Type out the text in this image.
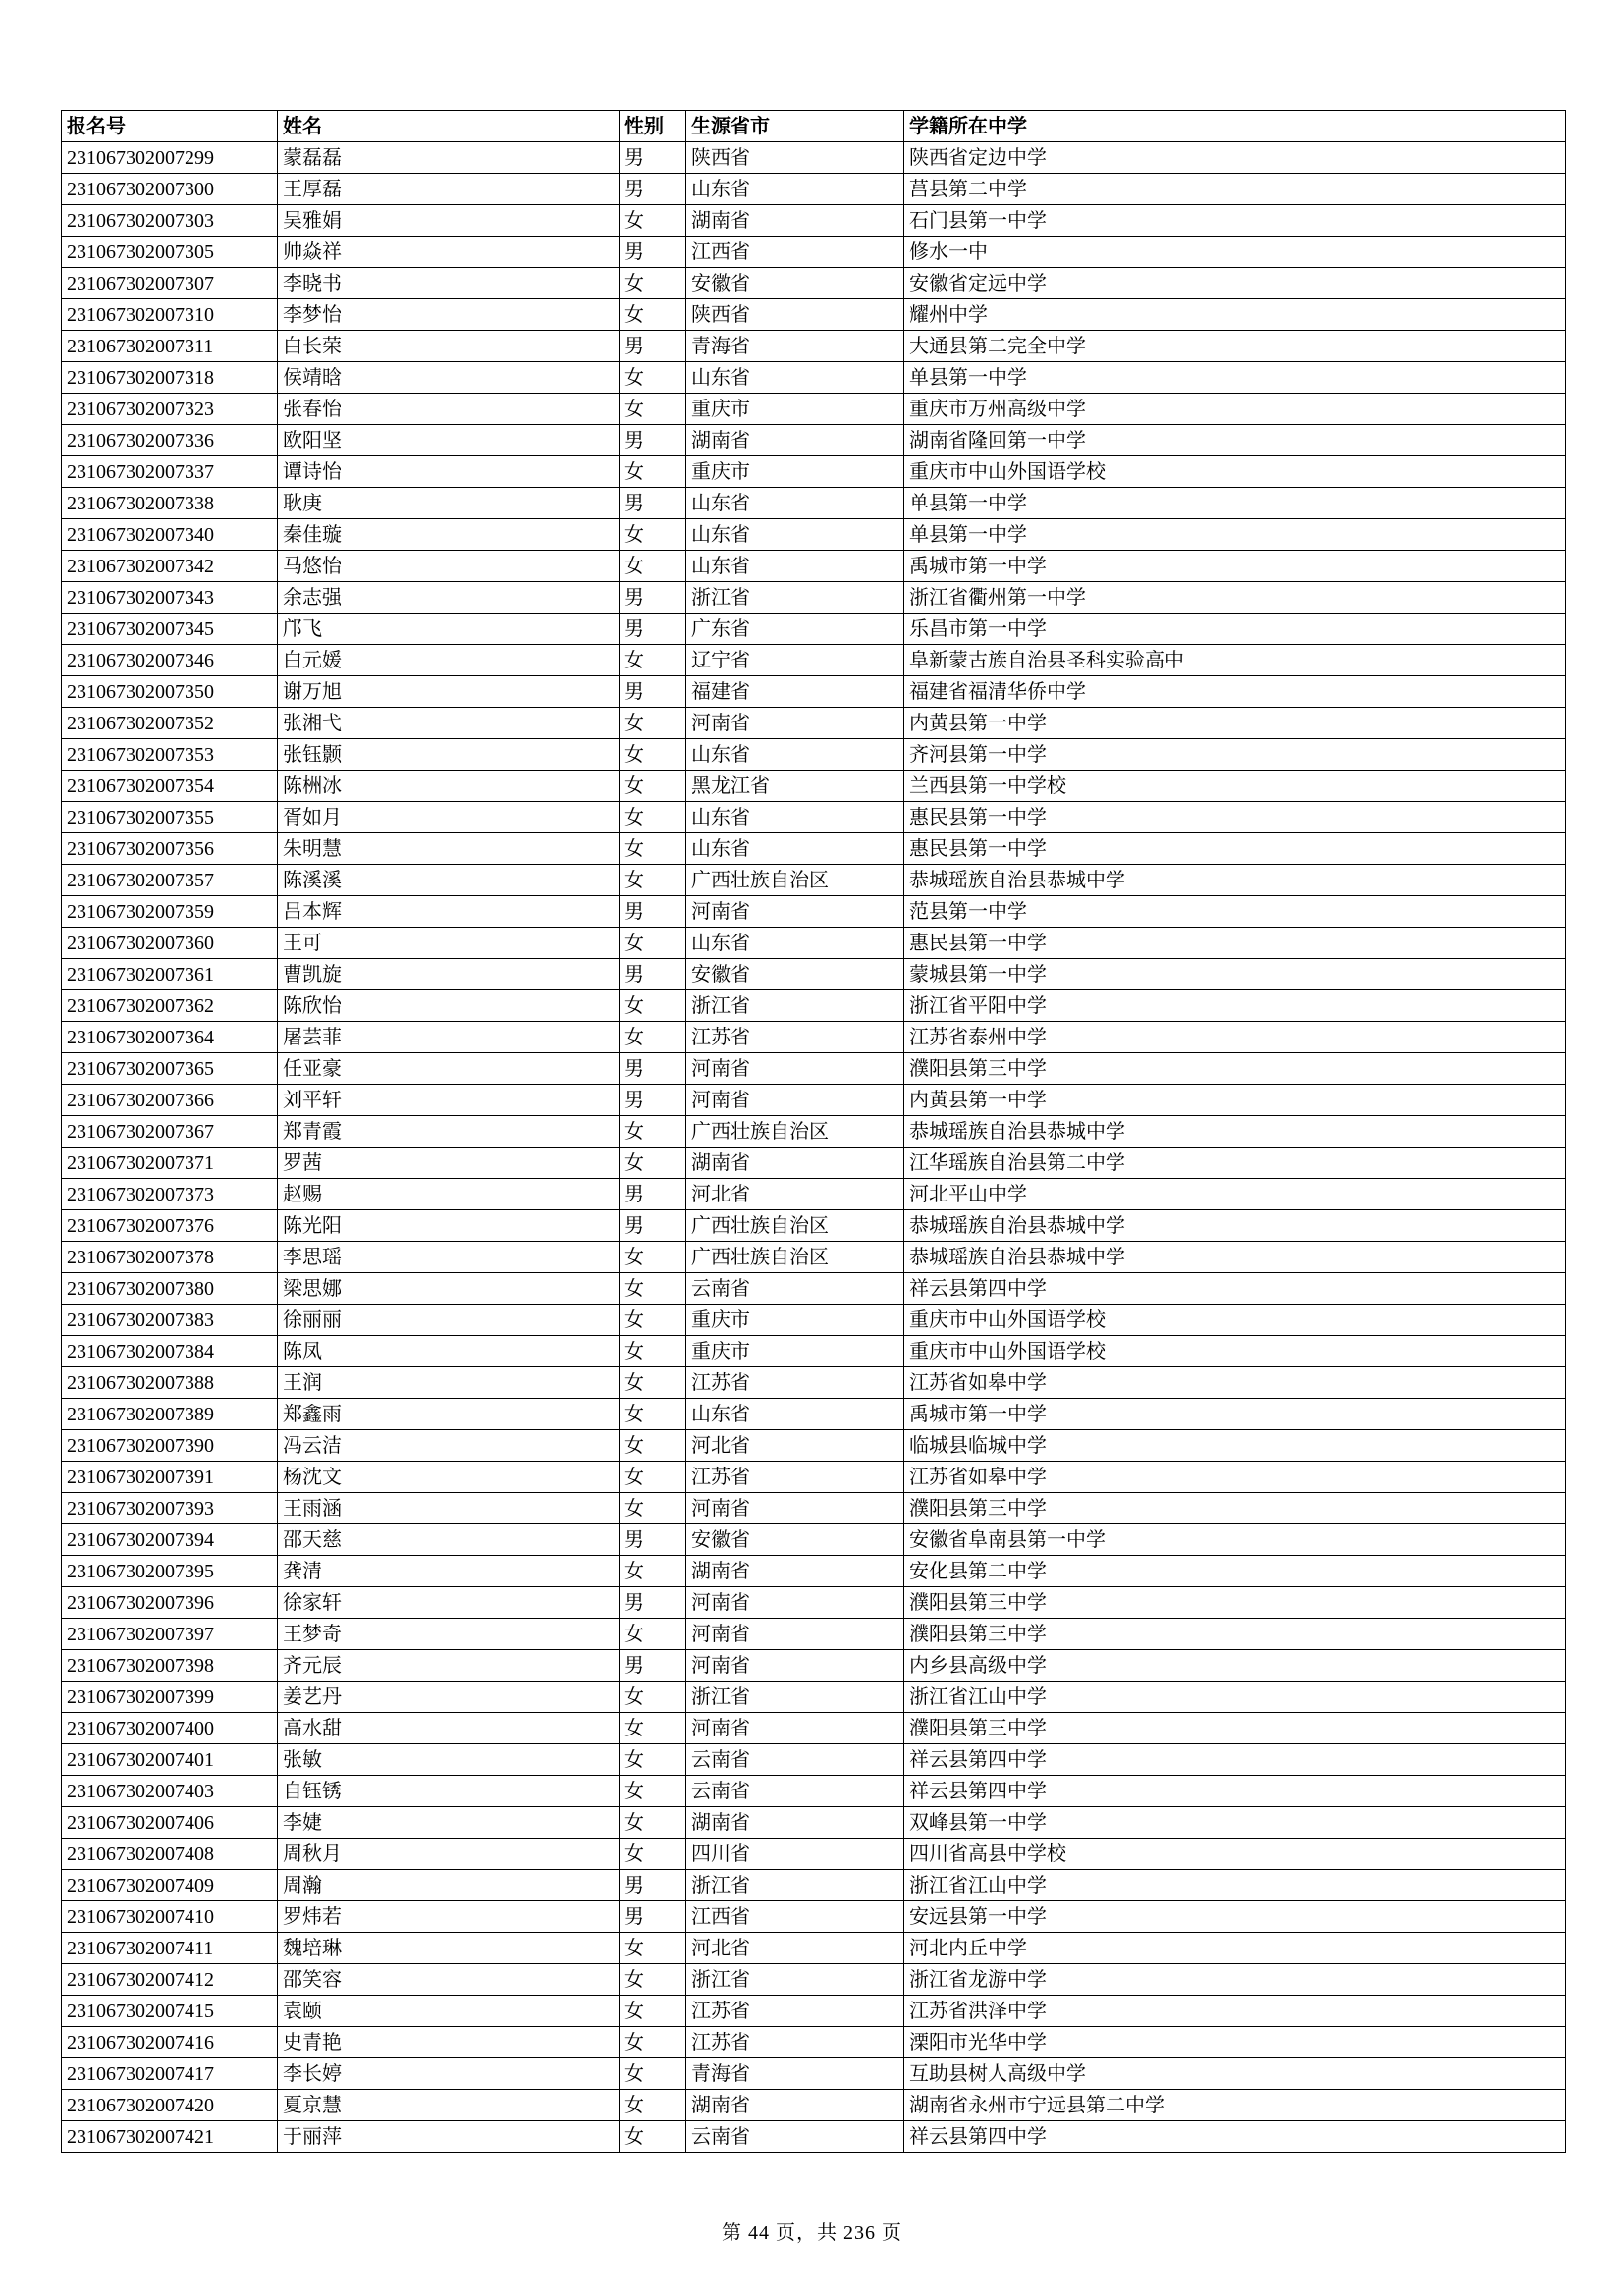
报名号	姓名	性别	生源省市	学籍所在中学
231067302007299	蒙磊磊	男	陕西省	陕西省定边中学
231067302007300	王厚磊	男	山东省	莒县第二中学
231067302007303	吴雅娟	女	湖南省	石门县第一中学
231067302007305	帅焱祥	男	江西省	修水一中
231067302007307	李晓书	女	安徽省	安徽省定远中学
231067302007310	李梦怡	女	陕西省	耀州中学
231067302007311	白长荣	男	青海省	大通县第二完全中学
231067302007318	侯靖晗	女	山东省	单县第一中学
231067302007323	张春怡	女	重庆市	重庆市万州高级中学
231067302007336	欧阳坚	男	湖南省	湖南省隆回第一中学
231067302007337	谭诗怡	女	重庆市	重庆市中山外国语学校
231067302007338	耿庚	男	山东省	单县第一中学
231067302007340	秦佳璇	女	山东省	单县第一中学
231067302007342	马悠怡	女	山东省	禹城市第一中学
231067302007343	余志强	男	浙江省	浙江省衢州第一中学
231067302007345	邝飞	男	广东省	乐昌市第一中学
231067302007346	白元媛	女	辽宁省	阜新蒙古族自治县圣科实验高中
231067302007350	谢万旭	男	福建省	福建省福清华侨中学
231067302007352	张湘弋	女	河南省	内黄县第一中学
231067302007353	张钰颢	女	山东省	齐河县第一中学
231067302007354	陈栦冰	女	黑龙江省	兰西县第一中学校
231067302007355	胥如月	女	山东省	惠民县第一中学
231067302007356	朱明慧	女	山东省	惠民县第一中学
231067302007357	陈溪溪	女	广西壮族自治区	恭城瑶族自治县恭城中学
231067302007359	吕本辉	男	河南省	范县第一中学
231067302007360	王可	女	山东省	惠民县第一中学
231067302007361	曹凯旋	男	安徽省	蒙城县第一中学
231067302007362	陈欣怡	女	浙江省	浙江省平阳中学
231067302007364	屠芸菲	女	江苏省	江苏省泰州中学
231067302007365	任亚豪	男	河南省	濮阳县第三中学
231067302007366	刘平轩	男	河南省	内黄县第一中学
231067302007367	郑青霞	女	广西壮族自治区	恭城瑶族自治县恭城中学
231067302007371	罗茜	女	湖南省	江华瑶族自治县第二中学
231067302007373	赵赐	男	河北省	河北平山中学
231067302007376	陈光阳	男	广西壮族自治区	恭城瑶族自治县恭城中学
231067302007378	李思瑶	女	广西壮族自治区	恭城瑶族自治县恭城中学
231067302007380	梁思娜	女	云南省	祥云县第四中学
231067302007383	徐丽丽	女	重庆市	重庆市中山外国语学校
231067302007384	陈凤	女	重庆市	重庆市中山外国语学校
231067302007388	王润	女	江苏省	江苏省如皋中学
231067302007389	郑鑫雨	女	山东省	禹城市第一中学
231067302007390	冯云洁	女	河北省	临城县临城中学
231067302007391	杨沈文	女	江苏省	江苏省如皋中学
231067302007393	王雨涵	女	河南省	濮阳县第三中学
231067302007394	邵天慈	男	安徽省	安徽省阜南县第一中学
231067302007395	龚清	女	湖南省	安化县第二中学
231067302007396	徐家轩	男	河南省	濮阳县第三中学
231067302007397	王梦奇	女	河南省	濮阳县第三中学
231067302007398	齐元辰	男	河南省	内乡县高级中学
231067302007399	姜艺丹	女	浙江省	浙江省江山中学
231067302007400	高水甜	女	河南省	濮阳县第三中学
231067302007401	张敏	女	云南省	祥云县第四中学
231067302007403	自钰锈	女	云南省	祥云县第四中学
231067302007406	李婕	女	湖南省	双峰县第一中学
231067302007408	周秋月	女	四川省	四川省高县中学校
231067302007409	周瀚	男	浙江省	浙江省江山中学
231067302007410	罗炜若	男	江西省	安远县第一中学
231067302007411	魏培琳	女	河北省	河北内丘中学
231067302007412	邵笑容	女	浙江省	浙江省龙游中学
231067302007415	袁颐	女	江苏省	江苏省洪泽中学
231067302007416	史青艳	女	江苏省	溧阳市光华中学
231067302007417	李长婷	女	青海省	互助县树人高级中学
231067302007420	夏京慧	女	湖南省	湖南省永州市宁远县第二中学
231067302007421	于丽萍	女	云南省	祥云县第四中学
第 44 页，共 236 页
